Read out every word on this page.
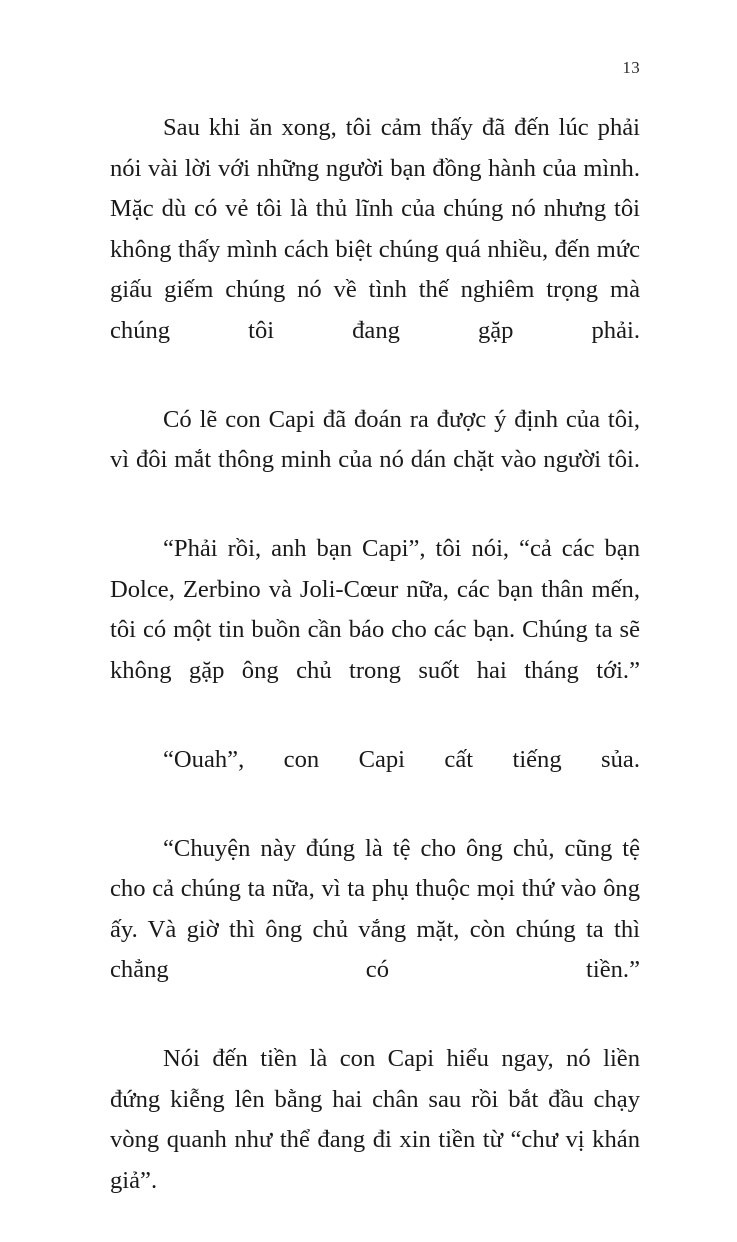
13

Sau khi ăn xong, tôi cảm thấy đã đến lúc phải nói vài lời với những người bạn đồng hành của mình. Mặc dù có vẻ tôi là thủ lĩnh của chúng nó nhưng tôi không thấy mình cách biệt chúng quá nhiều, đến mức giấu giếm chúng nó về tình thế nghiêm trọng mà chúng tôi đang gặp phải.

Có lẽ con Capi đã đoán ra được ý định của tôi, vì đôi mắt thông minh của nó dán chặt vào người tôi.

“Phải rồi, anh bạn Capi”, tôi nói, “cả các bạn Dolce, Zerbino và Joli-Cœur nữa, các bạn thân mến, tôi có một tin buồn cần báo cho các bạn. Chúng ta sẽ không gặp ông chủ trong suốt hai tháng tới.”

“Ouah”, con Capi cất tiếng sủa.

“Chuyện này đúng là tệ cho ông chủ, cũng tệ cho cả chúng ta nữa, vì ta phụ thuộc mọi thứ vào ông ấy. Và giờ thì ông chủ vắng mặt, còn chúng ta thì chẳng có tiền.”

Nói đến tiền là con Capi hiểu ngay, nó liền đứng kiễng lên bằng hai chân sau rồi bắt đầu chạy vòng quanh như thể đang đi xin tiền từ “chư vị khán giả”.
